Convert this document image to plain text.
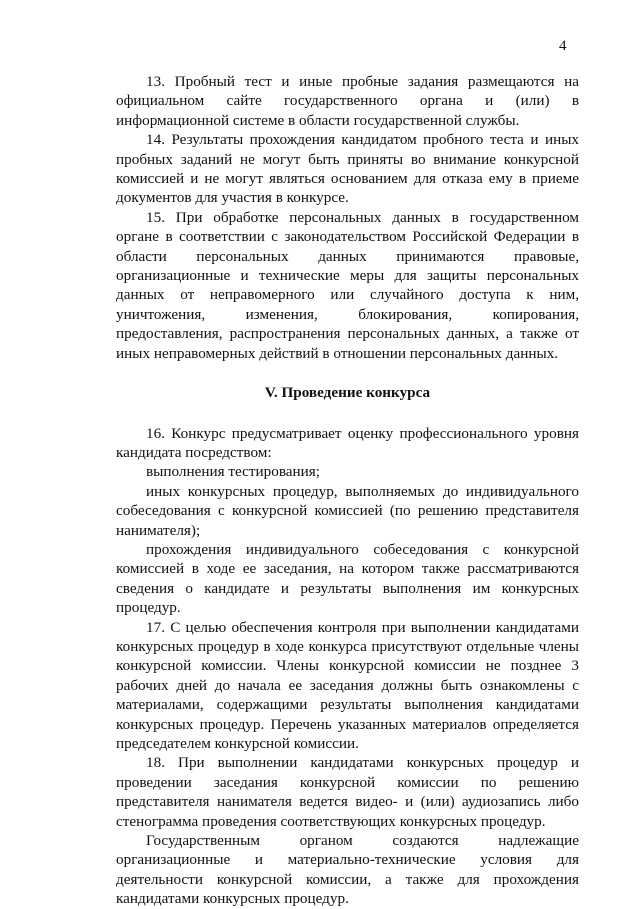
4

13. Пробный тест и иные пробные задания размещаются на официальном сайте государственного органа и (или) в информационной системе в области государственной службы.

14. Результаты прохождения кандидатом пробного теста и иных пробных заданий не могут быть приняты во внимание конкурсной комиссией и не могут являться основанием для отказа ему в приеме документов для участия в конкурсе.

15. При обработке персональных данных в государственном органе в соответствии с законодательством Российской Федерации в области персональных данных принимаются правовые, организационные и технические меры для защиты персональных данных от неправомерного или случайного доступа к ним, уничтожения, изменения, блокирования, копирования, предоставления, распространения персональных данных, а также от иных неправомерных действий в отношении персональных данных.

V. Проведение конкурса

16. Конкурс предусматривает оценку профессионального уровня кандидата посредством:

выполнения тестирования;

иных конкурсных процедур, выполняемых до индивидуального собеседования с конкурсной комиссией (по решению представителя нанимателя);

прохождения индивидуального собеседования с конкурсной комиссией в ходе ее заседания, на котором также рассматриваются сведения о кандидате и результаты выполнения им конкурсных процедур.

17. С целью обеспечения контроля при выполнении кандидатами конкурсных процедур в ходе конкурса присутствуют отдельные члены конкурсной комиссии. Члены конкурсной комиссии не позднее 3 рабочих дней до начала ее заседания должны быть ознакомлены с материалами, содержащими результаты выполнения кандидатами конкурсных процедур. Перечень указанных материалов определяется председателем конкурсной комиссии.

18. При выполнении кандидатами конкурсных процедур и проведении заседания конкурсной комиссии по решению представителя нанимателя ведется видео- и (или) аудиозапись либо стенограмма проведения соответствующих конкурсных процедур.

Государственным органом создаются надлежащие организационные и материально-технические условия для деятельности конкурсной комиссии, а также для прохождения кандидатами конкурсных процедур.
